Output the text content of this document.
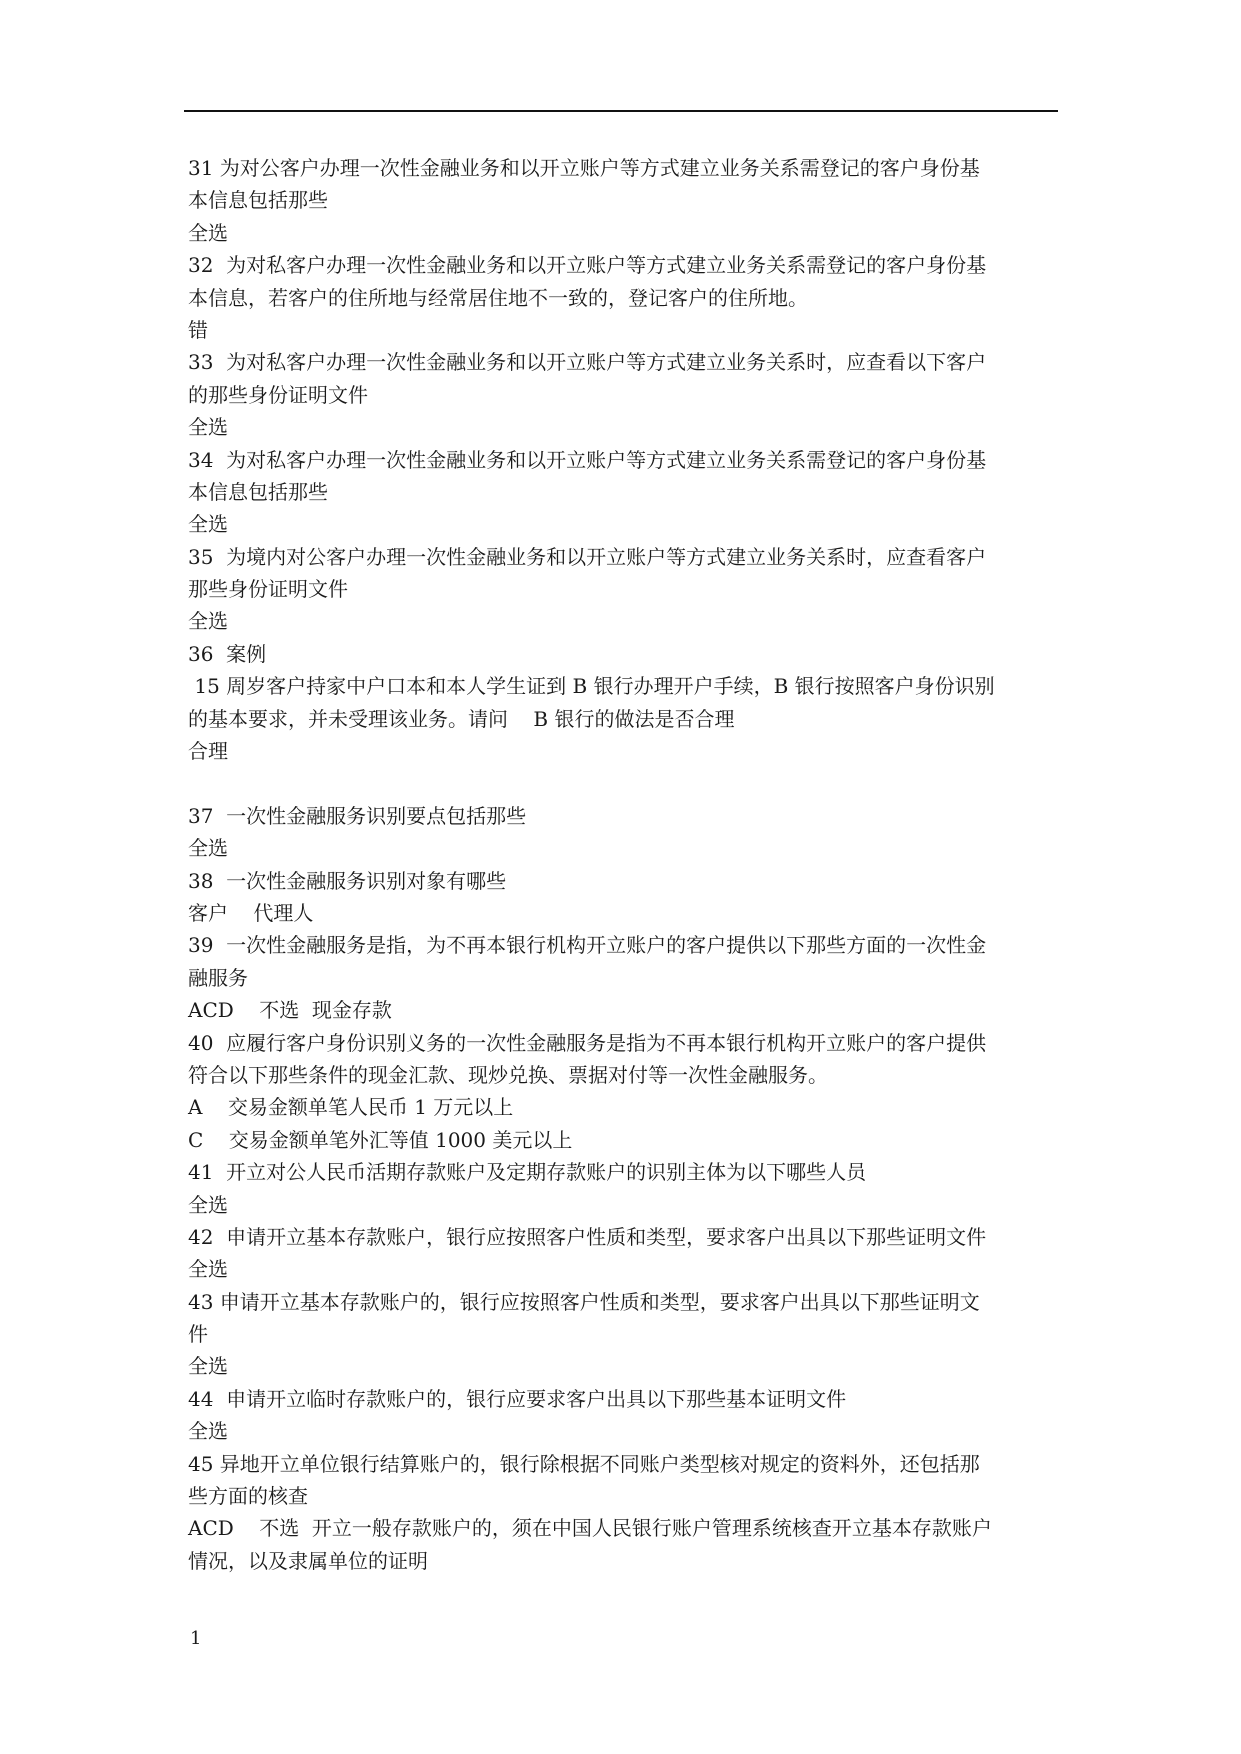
31 为对公客户办理一次性金融业务和以开立账户等方式建立业务关系需登记的客户身份基
本信息包括那些
全选
32  为对私客户办理一次性金融业务和以开立账户等方式建立业务关系需登记的客户身份基
本信息，若客户的住所地与经常居住地不一致的，登记客户的住所地。
错
33  为对私客户办理一次性金融业务和以开立账户等方式建立业务关系时，应查看以下客户
的那些身份证明文件
全选
34  为对私客户办理一次性金融业务和以开立账户等方式建立业务关系需登记的客户身份基
本信息包括那些
全选
35  为境内对公客户办理一次性金融业务和以开立账户等方式建立业务关系时，应查看客户
那些身份证明文件
全选
36  案例
15 周岁客户持家中户口本和本人学生证到 B 银行办理开户手续，B 银行按照客户身份识别
的基本要求，并未受理该业务。请问    B 银行的做法是否合理
合理
37  一次性金融服务识别要点包括那些
全选
38  一次性金融服务识别对象有哪些
客户    代理人
39  一次性金融服务是指，为不再本银行机构开立账户的客户提供以下那些方面的一次性金
融服务
ACD    不选  现金存款
40  应履行客户身份识别义务的一次性金融服务是指为不再本银行机构开立账户的客户提供
符合以下那些条件的现金汇款、现炒兑换、票据对付等一次性金融服务。
A    交易金额单笔人民币 1 万元以上
C    交易金额单笔外汇等值 1000 美元以上
41  开立对公人民币活期存款账户及定期存款账户的识别主体为以下哪些人员
全选
42  申请开立基本存款账户，银行应按照客户性质和类型，要求客户出具以下那些证明文件
全选
43 申请开立基本存款账户的，银行应按照客户性质和类型，要求客户出具以下那些证明文
件
全选
44  申请开立临时存款账户的，银行应要求客户出具以下那些基本证明文件
全选
45 异地开立单位银行结算账户的，银行除根据不同账户类型核对规定的资料外，还包括那
些方面的核查
ACD    不选  开立一般存款账户的，须在中国人民银行账户管理系统核查开立基本存款账户
情况，以及隶属单位的证明
1
